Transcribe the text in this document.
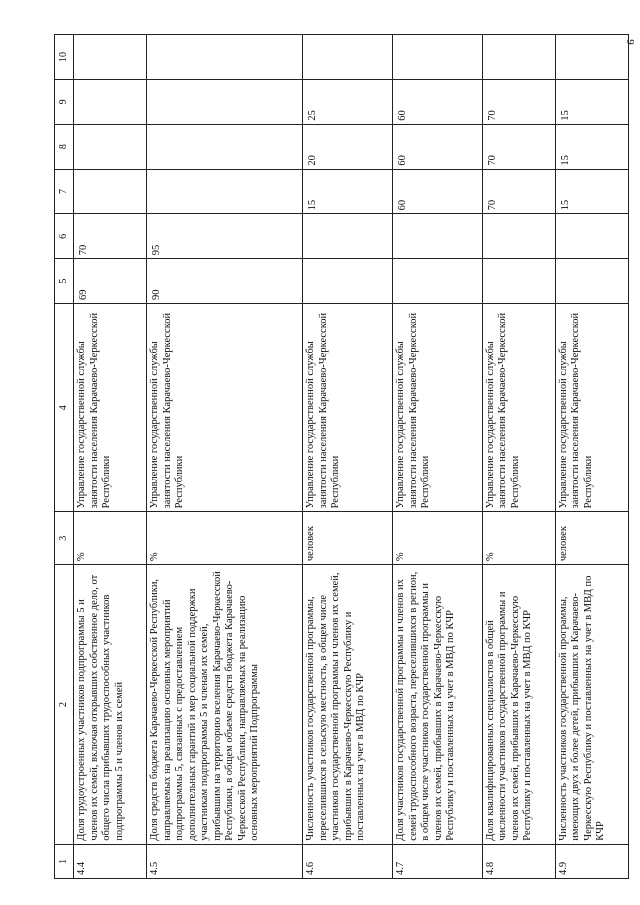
9
1	2	3	4	5	6	7	8	9	10
4.4	Доля трудоустроенных участников подпрограммы 5 и членов их семей, включая открывших собственное дело, от общего числа прибывших трудоспособных участников подпрограммы 5 и членов их семей	%	Управление государственной службы занятости населения Карачаево-Черкесской Республики	69	70				
4.5	Доля средств бюджета Карачаево-Черкесской Республики, направляемых на реализацию основных мероприятий подпрограммы 5, связанных с предоставлением дополнительных гарантий и мер социальной поддержки участникам подпрограммы 5 и членам их семей, прибывшим на территорию вселения Карачаево-Черкесской Республики, в общем объеме средств бюджета Карачаево-Черкесской Республики, направляемых на реализацию основных мероприятий Подпрограммы	%	Управление государственной службы занятости населения Карачаево-Черкесской Республики	90	95				
4.6	Численность участников государственной программы, переселившихся в сельскую местность, в общем числе участников государственной программы и членов их семей, прибывших в Карачаево-Черкесскую Республику и поставленных на учет в МВД по КЧР	человек	Управление государственной службы занятости населения Карачаево-Черкесской Республики			15	20	25	
4.7	Доля участников государственной программы и членов их семей трудоспособного возраста, переселившихся в регион, в общем числе участников государственной программы и членов их семей, прибывших в Карачаево-Черкесскую Республику и поставленных на учет в МВД по КЧР	%	Управление государственной службы занятости населения Карачаево-Черкесской Республики			60	60	60	
4.8	Доля квалифицированных специалистов в общей численности участников государственной программы и членов их семей, прибывших в Карачаево-Черкесскую Республику и поставленных на учет в МВД по КЧР	%	Управление государственной службы занятости населения Карачаево-Черкесской Республики			70	70	70	
4.9	Численность участников государственной программы, имеющих двух и более детей, прибывших в Карачаево-Черкесскую Республику и поставленных на учет в МВД по КЧР	человек	Управление государственной службы занятости населения Карачаево-Черкесской Республики			15	15	15	
